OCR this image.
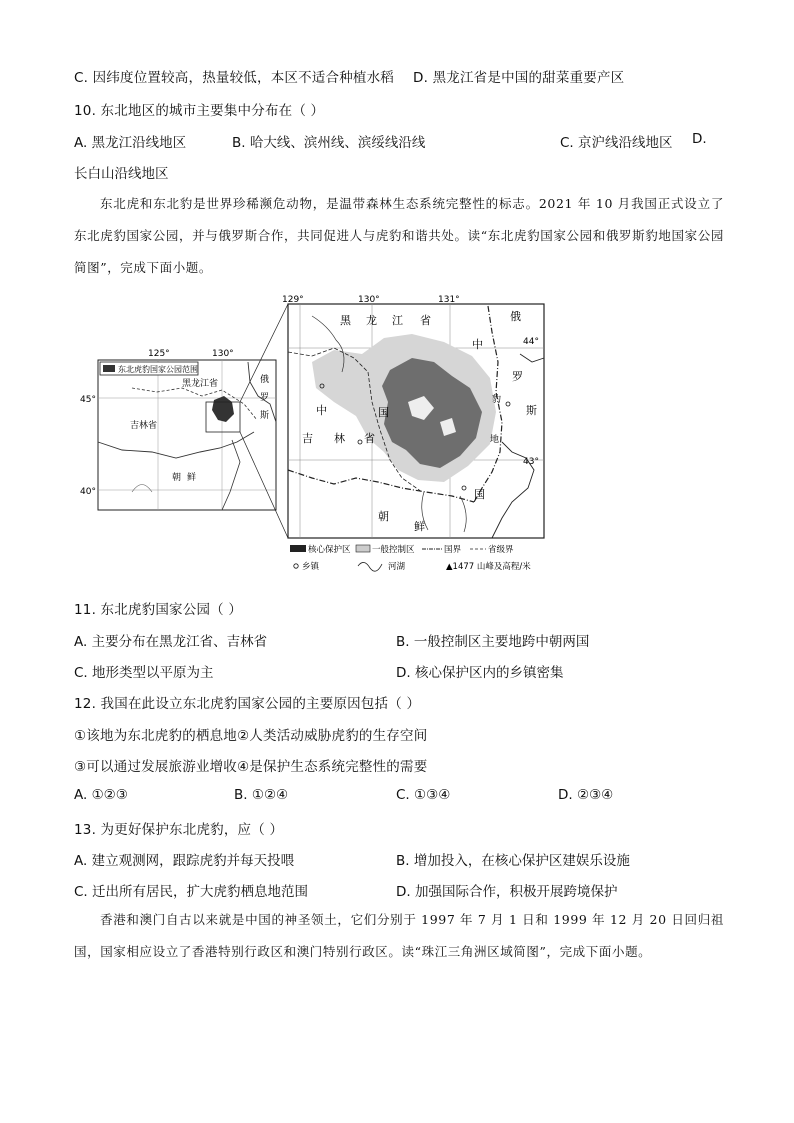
C. 因纬度位置较高，热量较低，本区不适合种植水稻 D. 黑龙江省是中国的甜菜重要产区
10. 东北地区的城市主要集中分布在（ ）
A. 黑龙江沿线地区	B. 哈大线、滨州线、滨绥线沿线	C. 京沪线沿线地区 D.
长白山沿线地区
东北虎和东北豹是世界珍稀濒危动物，是温带森林生态系统完整性的标志。2021 年 10 月我国正式设立了东北虎豹国家公园，并与俄罗斯合作，共同促进人与虎豹和谐共处。读“东北虎豹国家公园和俄罗斯豹地国家公园简图”，完成下面小题。
东北虎豹国家公园范围
125°	130°
45°
40°
黑龙江省
吉林省
朝鲜
俄
罗
斯
129°	130°	131°
44°
43°
黑 龙 江 省
中	国
吉 林 省
中
国
俄
罗
斯
豹
地
朝
鲜
核心保护区	一般控制区	国界	省级界
乡镇	河湖	▲1477 山峰及高程/米
11. 东北虎豹国家公园（ ）
A. 主要分布在黑龙江省、吉林省	B. 一般控制区主要地跨中朝两国
C. 地形类型以平原为主	D. 核心保护区内的乡镇密集
12. 我国在此设立东北虎豹国家公园的主要原因包括（ ）
①该地为东北虎豹的栖息地②人类活动威胁虎豹的生存空间
③可以通过发展旅游业增收④是保护生态系统完整性的需要
A. ①②③	B. ①②④	C. ①③④	D. ②③④
13. 为更好保护东北虎豹，应（ ）
A. 建立观测网，跟踪虎豹并每天投喂	B. 增加投入，在核心保护区建娱乐设施
C. 迁出所有居民，扩大虎豹栖息地范围	D. 加强国际合作，积极开展跨境保护
香港和澳门自古以来就是中国的神圣领土，它们分别于 1997 年 7 月 1 日和 1999 年 12 月 20 日回归祖国，国家相应设立了香港特别行政区和澳门特别行政区。读“珠江三角洲区域简图”，完成下面小题。
